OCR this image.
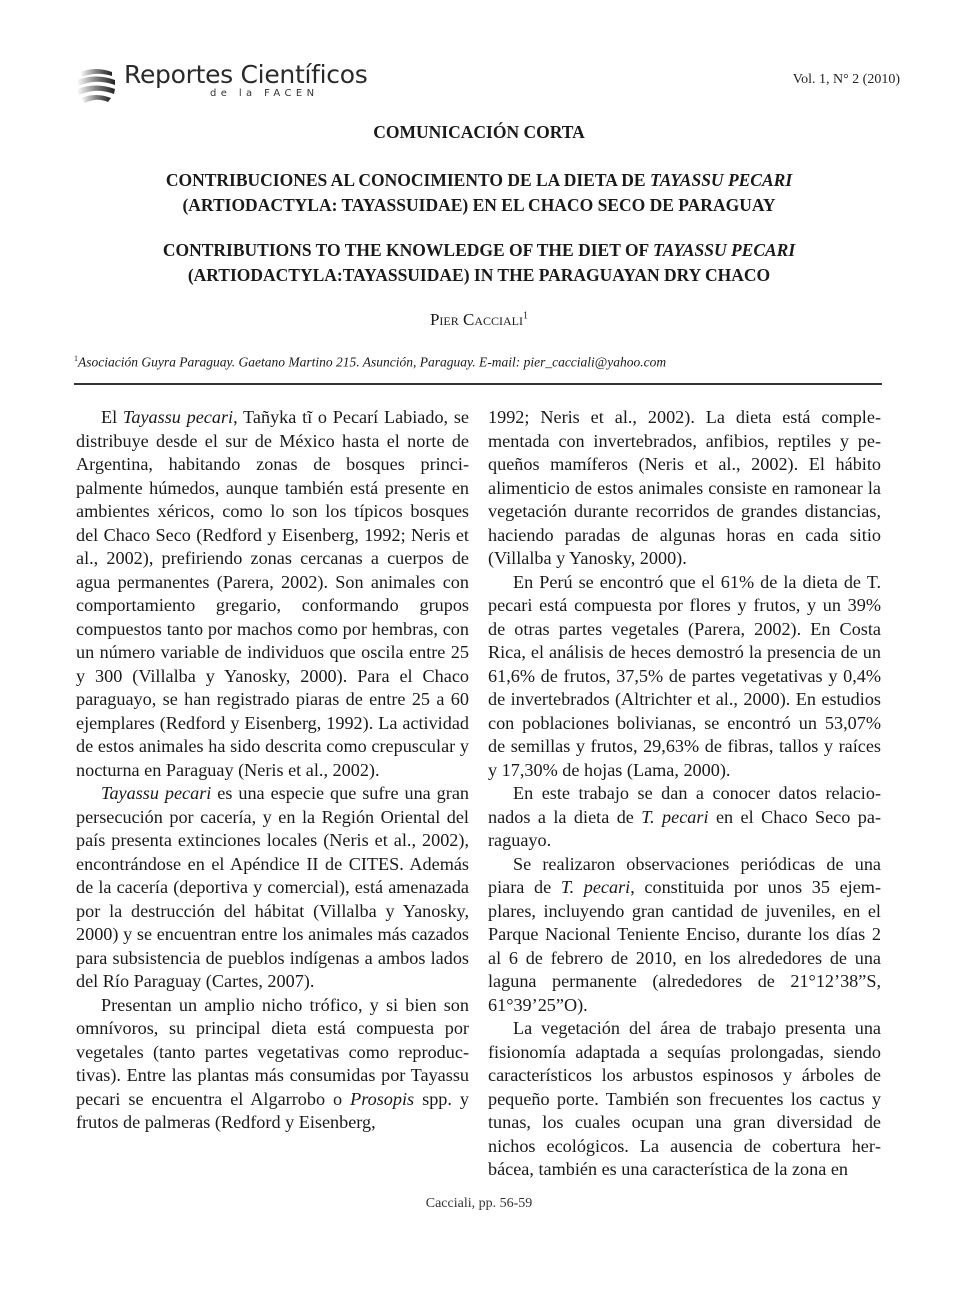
Reportes Científicos
de la FACEN
Vol. 1, N° 2 (2010)
COMUNICACIÓN CORTA
CONTRIBUCIONES AL CONOCIMIENTO DE LA DIETA DE TAYASSU PECARI
(ARTIODACTYLA: TAYASSUIDAE) EN EL CHACO SECO DE PARAGUAY
CONTRIBUTIONS TO THE KNOWLEDGE OF THE DIET OF TAYASSU PECARI
(ARTIODACTYLA:TAYASSUIDAE) IN THE PARAGUAYAN DRY CHACO
Pier Cacciali$^1$
$^1$Asociación Guyra Paraguay. Gaetano Martino 215. Asunción, Paraguay. E-mail: pier_cacciali@yahoo.com

El Tayassu pecari, Tañyka tĩ o Pecarí Labiado, se distribuye desde el sur de México hasta el norte de Argentina, habitando zonas de bosques principalmente húmedos, aunque también está presente en ambientes xéricos, como lo son los típicos bosques del Chaco Seco (Redford y Eisenberg, 1992; Neris et al., 2002), prefiriendo zonas cercanas a cuerpos de agua permanentes (Parera, 2002). Son animales con comportamiento gregario, conformando grupos compuestos tanto por machos como por hembras, con un número variable de individuos que oscila entre 25 y 300 (Villalba y Yanosky, 2000). Para el Chaco paraguayo, se han registrado piaras de entre 25 a 60 ejemplares (Redford y Eisenberg, 1992). La actividad de estos animales ha sido descrita como crepuscular y nocturna en Paraguay (Neris et al., 2002).

Tayassu pecari es una especie que sufre una gran persecución por cacería, y en la Región Oriental del país presenta extinciones locales (Neris et al., 2002), encontrándose en el Apéndice II de CITES. Además de la cacería (deportiva y comercial), está amenazada por la destrucción del hábitat (Villalba y Yanosky, 2000) y se encuentran entre los animales más cazados para subsistencia de pueblos indígenas a ambos lados del Río Paraguay (Cartes, 2007).

Presentan un amplio nicho trófico, y si bien son omnívoros, su principal dieta está compuesta por vegetales (tanto partes vegetativas como reproductivas). Entre las plantas más consumidas por Tayassu pecari se encuentra el Algarrobo o Prosopis spp. y frutos de palmeras (Redford y Eisenberg,

1992; Neris et al., 2002). La dieta está complementada con invertebrados, anfibios, reptiles y pequeños mamíferos (Neris et al., 2002). El hábito alimenticio de estos animales consiste en ramonear la vegetación durante recorridos de grandes distancias, haciendo paradas de algunas horas en cada sitio (Villalba y Yanosky, 2000).

En Perú se encontró que el 61% de la dieta de T. pecari está compuesta por flores y frutos, y un 39% de otras partes vegetales (Parera, 2002). En Costa Rica, el análisis de heces demostró la presencia de un 61,6% de frutos, 37,5% de partes vegetativas y 0,4% de invertebrados (Altrichter et al., 2000). En estudios con poblaciones bolivianas, se encontró un 53,07% de semillas y frutos, 29,63% de fibras, tallos y raíces y 17,30% de hojas (Lama, 2000).

En este trabajo se dan a conocer datos relacionados a la dieta de T. pecari en el Chaco Seco paraguayo.

Se realizaron observaciones periódicas de una piara de T. pecari, constituida por unos 35 ejemplares, incluyendo gran cantidad de juveniles, en el Parque Nacional Teniente Enciso, durante los días 2 al 6 de febrero de 2010, en los alrededores de una laguna permanente (alrededores de 21°12’38”S, 61°39’25”O).

La vegetación del área de trabajo presenta una fisionomía adaptada a sequías prolongadas, siendo característicos los arbustos espinosos y árboles de pequeño porte. También son frecuentes los cactus y tunas, los cuales ocupan una gran diversidad de nichos ecológicos. La ausencia de cobertura herbácea, también es una característica de la zona en

Cacciali, pp. 56-59
